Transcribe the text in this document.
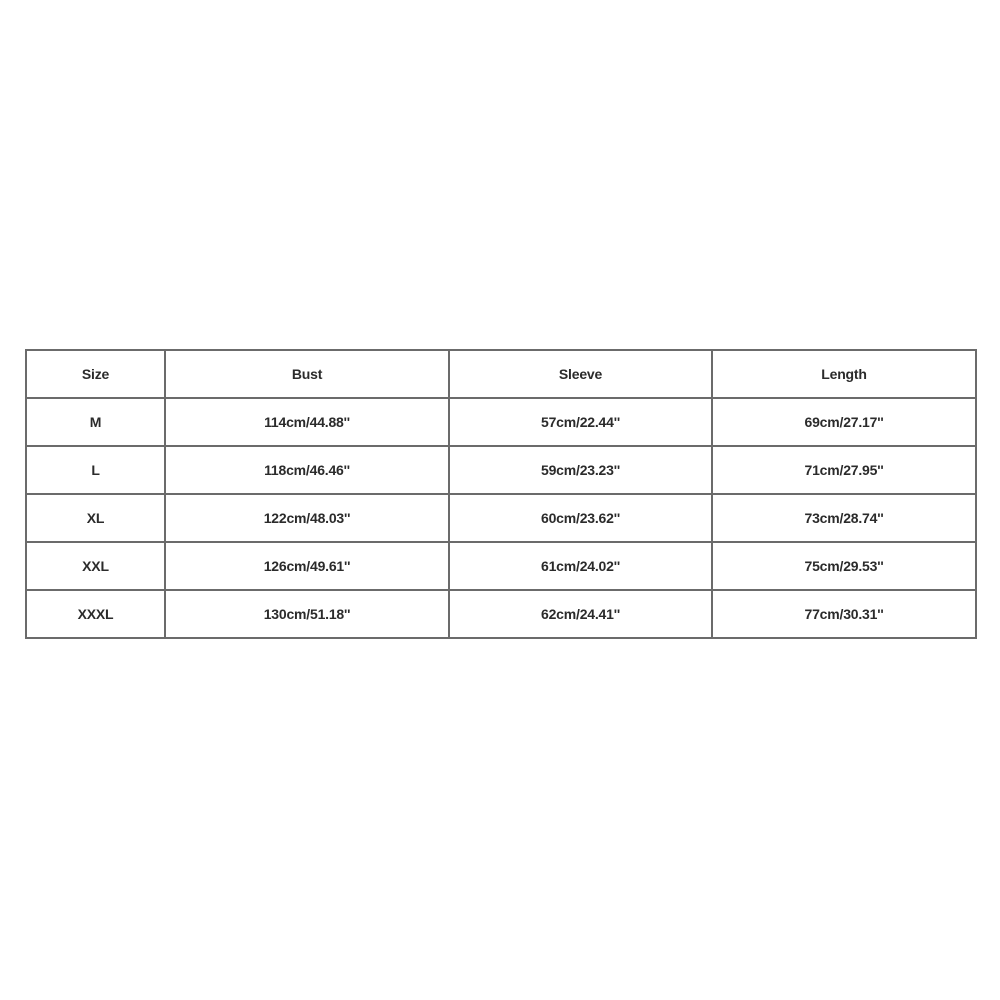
Size	Bust	Sleeve	Length
M	114cm/44.88''	57cm/22.44''	69cm/27.17''
L	118cm/46.46''	59cm/23.23''	71cm/27.95''
XL	122cm/48.03''	60cm/23.62''	73cm/28.74''
XXL	126cm/49.61''	61cm/24.02''	75cm/29.53''
XXXL	130cm/51.18''	62cm/24.41''	77cm/30.31''
